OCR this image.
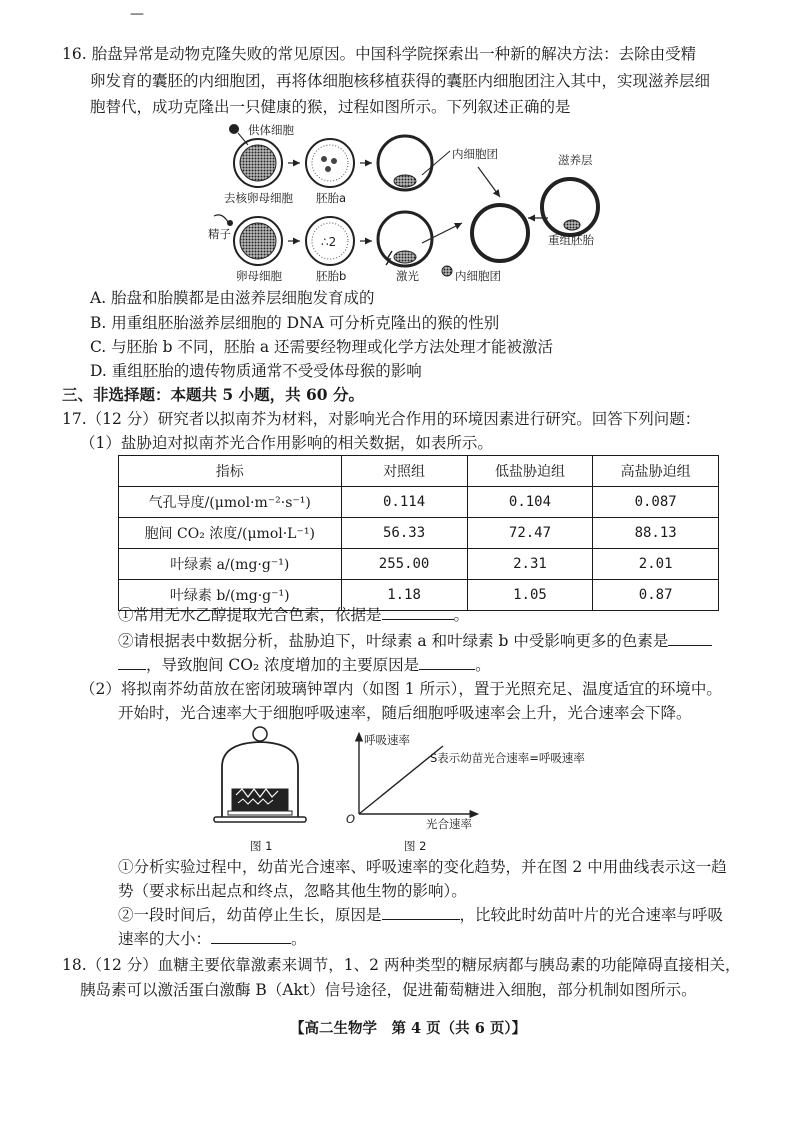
—
16. 胎盘异常是动物克隆失败的常见原因。中国科学院探索出一种新的解决方法：去除由受精
卵发育的囊胚的内细胞团，再将体细胞核移植获得的囊胚内细胞团注入其中，实现滋养层细
胞替代，成功克隆出一只健康的猴，过程如图所示。下列叙述正确的是
∴2
供体细胞
去核卵母细胞 胚胎a
内细胞团	滋养层
精子
卵母细胞	胚胎b	激光	内细胞团
重组胚胎
A. 胎盘和胎膜都是由滋养层细胞发育成的
B. 用重组胚胎滋养层细胞的 DNA 可分析克隆出的猴的性别
C. 与胚胎 b 不同，胚胎 a 还需要经物理或化学方法处理才能被激活
D. 重组胚胎的遗传物质通常不受受体母猴的影响
三、非选择题：本题共 5 小题，共 60 分。
17.（12 分）研究者以拟南芥为材料，对影响光合作用的环境因素进行研究。回答下列问题：
（1）盐胁迫对拟南芥光合作用影响的相关数据，如表所示。
指标	对照组	低盐胁迫组	高盐胁迫组
气孔导度/(μmol·m⁻²·s⁻¹)	0.114	0.104	0.087
胞间 CO₂ 浓度/(μmol·L⁻¹)	56.33	72.47	88.13
叶绿素 a/(mg·g⁻¹)	255.00	2.31	2.01
叶绿素 b/(mg·g⁻¹)	1.18	1.05	0.87
①常用无水乙醇提取光合色素，依据是	。
②请根据表中数据分析，盐胁迫下，叶绿素 a 和叶绿素 b 中受影响更多的色素是
，导致胞间 CO₂ 浓度增加的主要原因是	。
（2）将拟南芥幼苗放在密闭玻璃钟罩内（如图 1 所示），置于光照充足、温度适宜的环境中。
开始时，光合速率大于细胞呼吸速率，随后细胞呼吸速率会上升，光合速率会下降。
呼吸速率
S表示幼苗光合速率=呼吸速率
O	光合速率
图 1	图 2
①分析实验过程中，幼苗光合速率、呼吸速率的变化趋势，并在图 2 中用曲线表示这一趋
势（要求标出起点和终点，忽略其他生物的影响）。
②一段时间后，幼苗停止生长，原因是	，比较此时幼苗叶片的光合速率与呼吸
速率的大小：	。
18.（12 分）血糖主要依靠激素来调节，1、2 两种类型的糖尿病都与胰岛素的功能障碍直接相关，
胰岛素可以激活蛋白激酶 B（Akt）信号途径，促进葡萄糖进入细胞，部分机制如图所示。
【高二生物学　第 4 页（共 6 页）】
